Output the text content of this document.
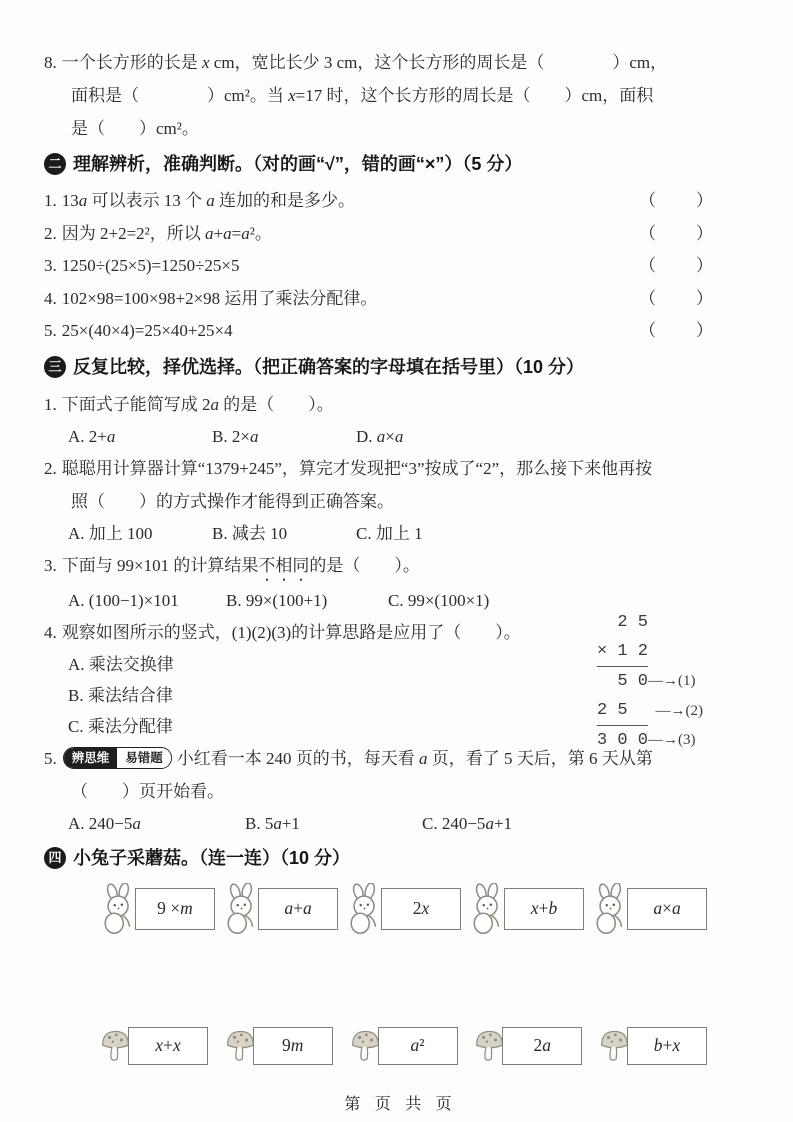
8. 一个长方形的长是 x cm，宽比长少 3 cm，这个长方形的周长是（　　　　	）cm，
面积是（　　　　	）cm²。当 x=17 时，这个长方形的周长是（　　 ）cm，面积
是（　　 ）cm²。
二 理解辨析，准确判断。（对的画“√”，错的画“×”）（5 分）
1. 13a 可以表示 13 个 a 连加的和是多少。	（　　）
2. 因为 2+2=2²，所以 a+a=a²。	（　　）
3. 1250÷(25×5)=1250÷25×5	（　　）
4. 102×98=100×98+2×98 运用了乘法分配律。	（　　）
5. 25×(40×4)=25×40+25×4	（　　）
三 反复比较，择优选择。（把正确答案的字母填在括号里）（10 分）
1. 下面式子能简写成 2a 的是（　　）。
A. 2+a	B. 2×a	D. a×a
2. 聪聪用计算器计算“1379+245”，算完才发现把“3”按成了“2”，那么接下来他再按
照（　　）的方式操作才能得到正确答案。
A. 加上 100	B. 减去 10	C. 加上 1
3. 下面与 99×101 的计算结果不相同的是（　　）。
A. (100−1)×101	B. 99×(100+1)	C. 99×(100×1)
4. 观察如图所示的竖式，(1)(2)(3)的计算思路是应用了（　　）。
A. 乘法交换律
B. 乘法结合律
C. 乘法分配律
2 5
× 1 2
5 0 —→(1)
2 5	—→(2)
3 0 0 —→(3)
5.	辨思维	易错题 小红看一本 240 页的书，每天看 a 页，看了 5 天后，第 6 天从第
（　　）页开始看。
A. 240−5a	B. 5a+1	C. 240−5a+1
四 小兔子采蘑菇。（连一连）（10 分）
9 × m	a + a	2 x	x + b	a × a
x + x	9 m	a ²	2 a	b + x
第 页 共 页
